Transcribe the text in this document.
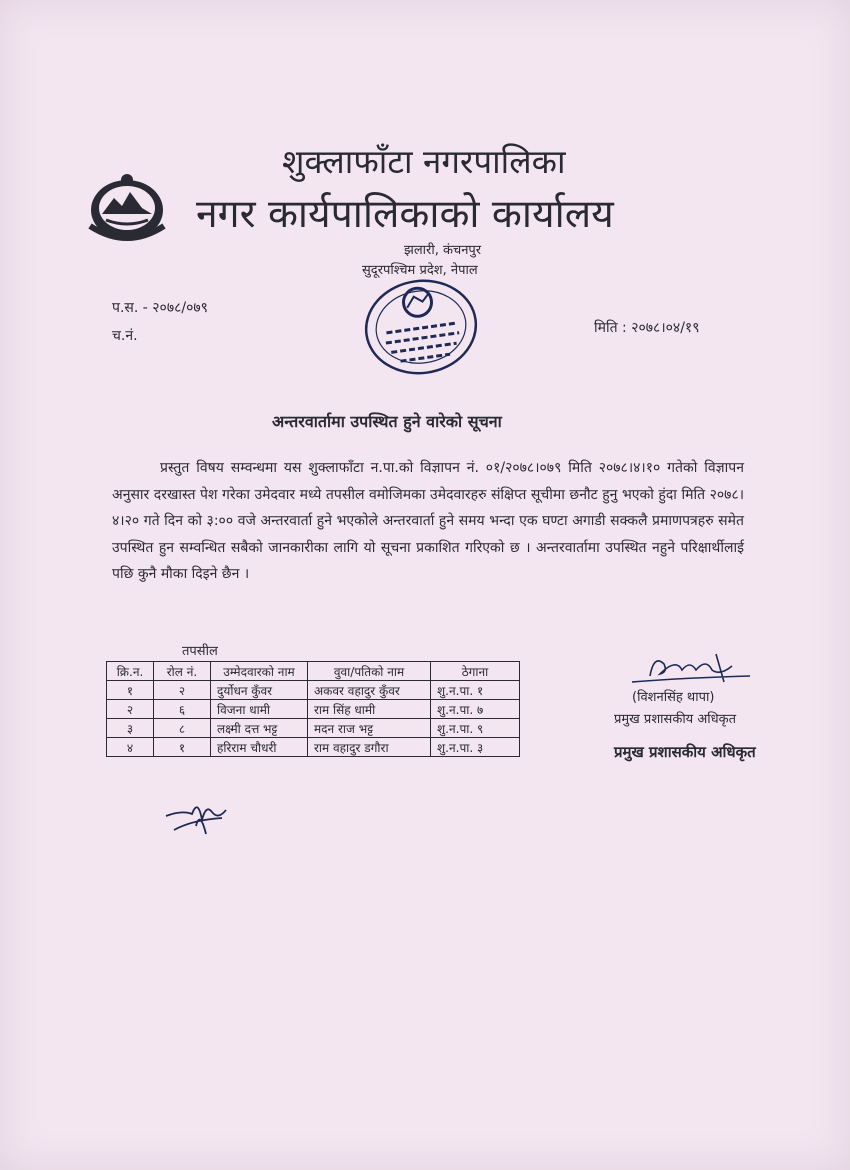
शुक्लाफाँटा नगरपालिका
नगर कार्यपालिकाको कार्यालय
झलारी, कंचनपुर
सुदूरपश्चिम प्रदेश, नेपाल
प.स. - २०७८/०७९
च.नं.	मिति : २०७८।०४/१९
अन्तरवार्तामा उपस्थित हुने वारेको सूचना
प्रस्तुत विषय सम्वन्धमा यस शुक्लाफाँटा न.पा.को विज्ञापन नं. ०१/२०७८।०७९ मिति २०७८।४।१० गतेको विज्ञापन अनुसार दरखास्त पेश गरेका उमेदवार मध्ये तपसील वमोजिमका उमेदवारहरु संक्षिप्त सूचीमा छनौट हुनु भएको हुंदा मिति २०७८।४।२० गते दिन को ३:०० वजे अन्तरवार्ता हुने भएकोले अन्तरवार्ता हुने समय भन्दा एक घण्टा अगाडी सक्कलै प्रमाणपत्रहरु समेत उपस्थित हुन सम्वन्धित सबैको जानकारीका लागि यो सूचना प्रकाशित गरिएको छ । अन्तरवार्तामा उपस्थित नहुने परिक्षार्थीलाई पछि कुनै मौका दिइने छैन ।
तपसील
क्रि.न.	रोल नं.	उम्मेदवारको नाम	वुवा/पतिको नाम	ठेगाना
१	२	दुर्योधन कुँवर	अकवर वहादुर कुँवर	शु.न.पा. १
२	६	विजना धामी	राम सिंह धामी	शु.न.पा. ७
३	८	लक्ष्मी दत्त भट्ट	मदन राज भट्ट	शु.न.पा. ९
४	१	हरिराम चौधरी	राम वहादुर डगौरा	शु.न.पा. ३
(विशनसिंह थापा)
प्रमुख प्रशासकीय अधिकृत
प्रमुख प्रशासकीय अधिकृत
